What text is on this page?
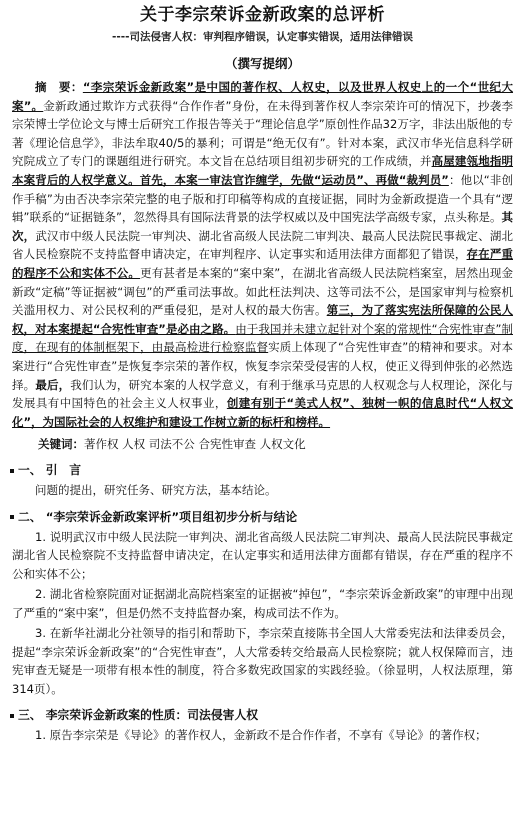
关于李宗荣诉金新政案的总评析
----司法侵害人权：审判程序错误，认定事实错误，适用法律错误
（撰写提纲）
摘　要：“李宗荣诉金新政案”是中国的著作权、人权史，以及世界人权史上的一个“世纪大案”。金新政通过欺诈方式获得“合作作者”身份，在未得到著作权人李宗荣许可的情况下，抄袭李宗荣博士学位论文与博士后研究工作报告等关于“理论信息学”原创性作品32万字，非法出版他的专著《理论信息学》，非法牟取40/5的暴利；可谓是“绝无仅有”。针对本案，武汉市华光信息科学研究院成立了专门的课题组进行研究。本文旨在总结项目组初步研究的工作成绩，并高屋建瓴地指明本案背后的人权学意义。首先，本案一审法官诈缠学，先做“运动员”、再做“裁判员”：他以“非创作手稿”为由否决李宗荣完整的电子版和打印稿等构成的直接证据，同时为金新政提造一个具有“逻辑”联系的“证据链条”，忽然得具有国际法背景的法学权威以及中国宪法学高级专家，点头称是。其次，武汉市中级人民法院一审判决、湖北省高级人民法院二审判决、最高人民法院民事裁定、湖北省人民检察院不支持监督申请决定，在审判程序、认定事实和适用法律方面都犯了错误，存在严重的程序不公和实体不公。更有甚者是本案的“案中案”，在湖北省高级人民法院档案室，居然出现金新政“定稿”等证据被“调包”的严重司法事故。如此枉法判决、这等司法不公，是国家审判与检察机关滥用权力、对公民权利的严重侵犯，是对人权的最大伤害。第三，为了落实宪法所保障的公民人权，对本案提起“合宪性审查”是必由之路。由于我国并未建立起针对个案的常规性“合宪性审查”制度，在现有的体制框架下，由最高检进行检察监督实质上体现了“合宪性审查”的精神和要求。对本案进行“合宪性审查”是恢复李宗荣的著作权，恢复李宗荣受侵害的人权，使正义得到伸张的必然选择。最后，我们认为，研究本案的人权学意义，有利于继承马克思的人权观念与人权理论，深化与发展具有中国特色的社会主义人权事业，创建有别于“美式人权”、独树一帜的信息时代“人权文化”，为国际社会的人权维护和建设工作树立新的标杆和榜样。
关键词：著作权 人权 司法不公 合宪性审查 人权文化
一、 引　言
问题的提出，研究任务、研究方法，基本结论。
二、 “李宗荣诉金新政案评析”项目组初步分析与结论
1. 说明武汉市中级人民法院一审判决、湖北省高级人民法院二审判决、最高人民法院民事裁定 湖北省人民检察院不支持监督申请决定，在认定事实和适用法律方面都有错误，存在严重的程序不公和实体不公；
2. 湖北省检察院面对证据湖北高院档案室的证据被“掉包”，“李宗荣诉金新政案”的审理中出现了严重的“案中案”，但是仍然不支持监督办案，构成司法不作为。
3. 在新华社湖北分社领导的指引和帮助下，李宗荣直接陈书全国人大常委宪法和法律委员会，提起“李宗荣诉金新政案”的“合宪性审查”，人大常委转交给最高人民检察院；就人权保障而言，违宪审查无疑是一项带有根本性的制度，符合多数宪政国家的实践经验。（徐显明，人权法原理，第314页）。
三、 李宗荣诉金新政案的性质：司法侵害人权
1. 原告李宗荣是《导论》的著作权人，金新政不是合作作者，不享有《导论》的著作权；
